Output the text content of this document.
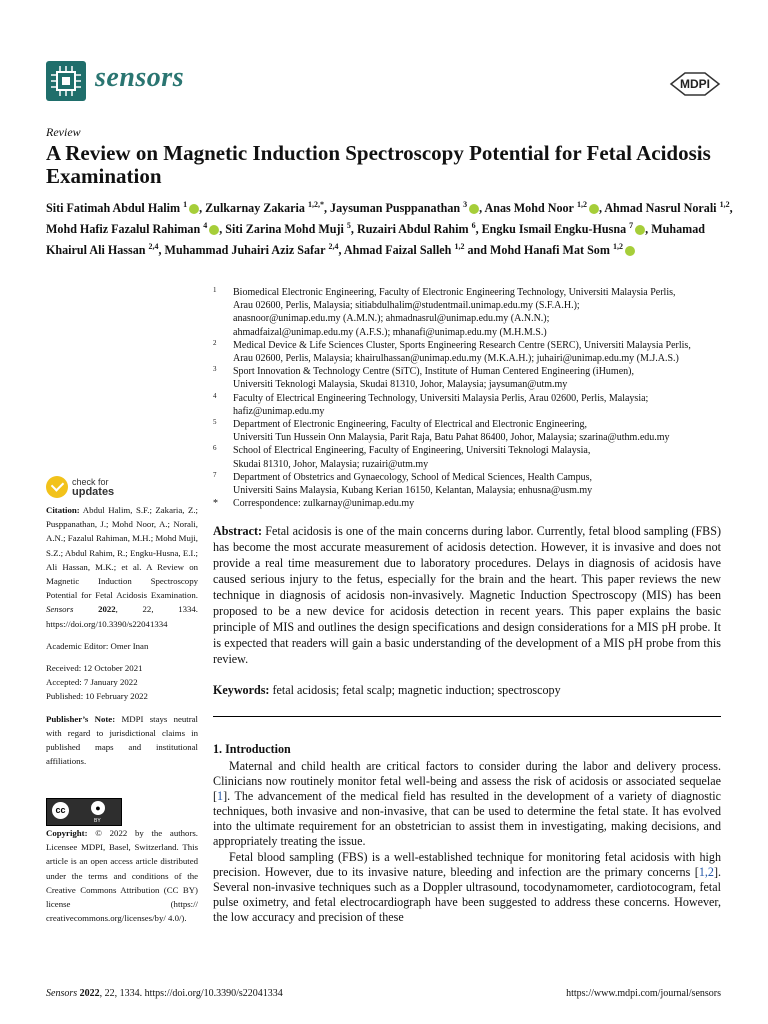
sensors	MDPI
Review
A Review on Magnetic Induction Spectroscopy Potential for Fetal Acidosis Examination
Siti Fatimah Abdul Halim $^1$ , Zulkarnay Zakaria $^{1,2,*}$, Jaysuman Pusppanathan $^3$ , Anas Mohd Noor $^{1,2}$ , Ahmad Nasrul Norali $^{1,2}$, Mohd Hafiz Fazalul Rahiman $^4$ , Siti Zarina Mohd Muji $^5$, Ruzairi Abdul Rahim $^6$, Engku Ismail Engku-Husna $^7$ , Muhamad Khairul Ali Hassan $^{2,4}$, Muhammad Juhairi Aziz Safar $^{2,4}$, Ahmad Faizal Salleh $^{1,2}$ and Mohd Hanafi Mat Som $^{1,2}$
1 Biomedical Electronic Engineering, Faculty of Electronic Engineering Technology, Universiti Malaysia Perlis,
Arau 02600, Perlis, Malaysia; sitiabdulhalim@studentmail.unimap.edu.my (S.F.A.H.);
anasnoor@unimap.edu.my (A.M.N.); ahmadnasrul@unimap.edu.my (A.N.N.);
ahmadfaizal@unimap.edu.my (A.F.S.); mhanafi@unimap.edu.my (M.H.M.S.)
2 Medical Device & Life Sciences Cluster, Sports Engineering Research Centre (SERC), Universiti Malaysia Perlis,
Arau 02600, Perlis, Malaysia; khairulhassan@unimap.edu.my (M.K.A.H.); juhairi@unimap.edu.my (M.J.A.S.)
3 Sport Innovation & Technology Centre (SiTC), Institute of Human Centered Engineering (iHumen),
Universiti Teknologi Malaysia, Skudai 81310, Johor, Malaysia; jaysuman@utm.my
4 Faculty of Electrical Engineering Technology, Universiti Malaysia Perlis, Arau 02600, Perlis, Malaysia;
hafiz@unimap.edu.my
5 Department of Electronic Engineering, Faculty of Electrical and Electronic Engineering,
Universiti Tun Hussein Onn Malaysia, Parit Raja, Batu Pahat 86400, Johor, Malaysia; szarina@uthm.edu.my
6 School of Electrical Engineering, Faculty of Engineering, Universiti Teknologi Malaysia,
Skudai 81310, Johor, Malaysia; ruzairi@utm.my
7 Department of Obstetrics and Gynaecology, School of Medical Sciences, Health Campus,
Universiti Sains Malaysia, Kubang Kerian 16150, Kelantan, Malaysia; enhusna@usm.my
* Correspondence: zulkarnay@unimap.edu.my
check for
updates

Citation: Abdul Halim, S.F.; Zakaria, Z.; Pusppanathan, J.; Mohd Noor, A.; Norali, A.N.; Fazalul Rahiman, M.H.; Mohd Muji, S.Z.; Abdul Rahim, R.; Engku-Husna, E.I.; Ali Hassan, M.K.; et al. A Review on Magnetic Induction Spectroscopy Potential for Fetal Acidosis Examination. Sensors	2022, 22, 1334. https://doi.org/10.3390/s22041334

Academic Editor: Omer Inan

Received: 12 October 2021
Accepted: 7 January 2022
Published: 10 February 2022

Publisher’s Note: MDPI stays neutral with regard to jurisdictional claims in published maps and institutional affiliations.

cc	●
BY
Copyright: © 2022 by the authors. Licensee MDPI, Basel, Switzerland. This article is an open access article distributed under the terms and conditions of the Creative Commons Attribution (CC BY) license (https:// creativecommons.org/licenses/by/ 4.0/).
Abstract: Fetal acidosis is one of the main concerns during labor. Currently, fetal blood sampling (FBS) has become the most accurate measurement of acidosis detection. However, it is invasive and does not provide a real time measurement due to laboratory procedures. Delays in diagnosis of acidosis have caused serious injury to the fetus, especially for the brain and the heart. This paper reviews the new technique in diagnosis of acidosis non-invasively. Magnetic Induction Spectroscopy (MIS) has been proposed to be a new device for acidosis detection in recent years. This paper explains the basic principle of MIS and outlines the design specifications and design considerations for a MIS pH probe. It is expected that readers will gain a basic understanding of the development of a MIS pH probe from this review.
Keywords: fetal acidosis; fetal scalp; magnetic induction; spectroscopy
1. Introduction

Maternal and child health are critical factors to consider during the labor and delivery process. Clinicians now routinely monitor fetal well-being and assess the risk of acidosis or associated sequelae [1]. The advancement of the medical field has resulted in the development of a variety of diagnostic techniques, both invasive and non-invasive, that can be used to determine the fetal state. It has evolved into the ultimate requirement for an obstetrician to assist them in investigating, making decisions, and appropriately treating the issue.

Fetal blood sampling (FBS) is a well-established technique for monitoring fetal acidosis with high precision. However, due to its invasive nature, bleeding and infection are the primary concerns [1,2]. Several non-invasive techniques such as a Doppler ultrasound, tocodynamometer, cardiotocogram, fetal pulse oximetry, and fetal electrocardiograph have been suggested to address these concerns. However, the low accuracy and precision of these

Sensors 2022, 22, 1334. https://doi.org/10.3390/s22041334	https://www.mdpi.com/journal/sensors
